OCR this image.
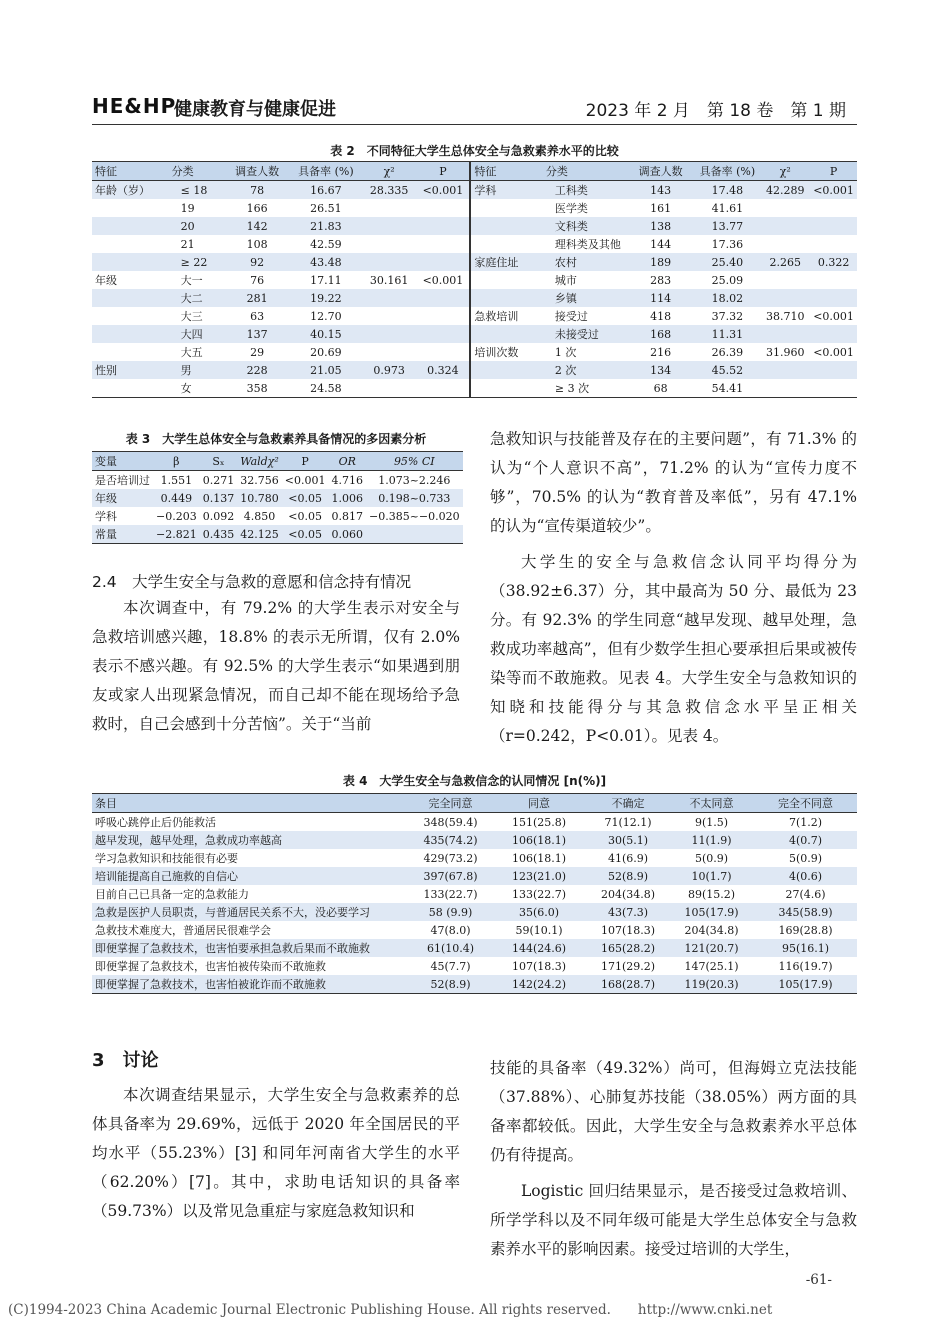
HE&HP
健康教育与健康促进	2023 年 2 月　第 18 卷　第 1 期
表 2　不同特征大学生总体安全与急救素养水平的比较
特征	分类	调查人数	具备率 (%)	χ²	P	特征	分类	调查人数	具备率 (%)	χ²	P
年龄（岁）	≤ 18	78	16.67	28.335	<0.001	学科	工科类	143	17.48	42.289	<0.001
	19	166	26.51				医学类	161	41.61		
	20	142	21.83				文科类	138	13.77		
	21	108	42.59				理科类及其他	144	17.36		
	≥ 22	92	43.48			家庭住址	农村	189	25.40	2.265	0.322
年级	大一	76	17.11	30.161	<0.001		城市	283	25.09		
	大二	281	19.22				乡镇	114	18.02		
	大三	63	12.70			急救培训	接受过	418	37.32	38.710	<0.001
	大四	137	40.15				未接受过	168	11.31		
	大五	29	20.69			培训次数	1 次	216	26.39	31.960	<0.001
性别	男	228	21.05	0.973	0.324		2 次	134	45.52		
	女	358	24.58				≥ 3 次	68	54.41		
表 3　大学生总体安全与急救素养具备情况的多因素分析
变量	β	Sₓ	Waldχ²	P	OR	95% CI
是否培训过	1.551	0.271	32.756	<0.001	4.716	1.073~2.246
年级	0.449	0.137	10.780	<0.05	1.006	0.198~0.733
学科	−0.203	0.092	4.850	<0.05	0.817	−0.385~−0.020
常量	−2.821	0.435	42.125	<0.05	0.060	
2.4　大学生安全与急救的意愿和信念持有情况

本次调查中，有 79.2% 的大学生表示对安全与急救培训感兴趣，18.8% 的表示无所谓，仅有 2.0% 表示不感兴趣。有 92.5% 的大学生表示“如果遇到朋友或家人出现紧急情况，而自己却不能在现场给予急救时，自己会感到十分苦恼”。关于“当前

急救知识与技能普及存在的主要问题”，有 71.3% 的认为“个人意识不高”，71.2% 的认为“宣传力度不够”，70.5% 的认为“教育普及率低”，另有 47.1% 的认为“宣传渠道较少”。

大学生的安全与急救信念认同平均得分为（38.92±6.37）分，其中最高为 50 分、最低为 23 分。有 92.3% 的学生同意“越早发现、越早处理，急救成功率越高”，但有少数学生担心要承担后果或被传染等而不敢施救。见表 4。大学生安全与急救知识的知晓和技能得分与其急救信念水平呈正相关（r=0.242，P<0.01）。见表 4。

表 4　大学生安全与急救信念的认同情况 [n(%)]
条目	完全同意	同意	不确定	不太同意	完全不同意
呼吸心跳停止后仍能救活	348(59.4)	151(25.8)	71(12.1)	9(1.5)	7(1.2)
越早发现，越早处理，急救成功率越高	435(74.2)	106(18.1)	30(5.1)	11(1.9)	4(0.7)
学习急救知识和技能很有必要	429(73.2)	106(18.1)	41(6.9)	5(0.9)	5(0.9)
培训能提高自己施救的自信心	397(67.8)	123(21.0)	52(8.9)	10(1.7)	4(0.6)
目前自己已具备一定的急救能力	133(22.7)	133(22.7)	204(34.8)	89(15.2)	27(4.6)
急救是医护人员职责，与普通居民关系不大，没必要学习	58 (9.9)	35(6.0)	43(7.3)	105(17.9)	345(58.9)
急救技术难度大，普通居民很难学会	47(8.0)	59(10.1)	107(18.3)	204(34.8)	169(28.8)
即便掌握了急救技术，也害怕要承担急救后果而不敢施救	61(10.4)	144(24.6)	165(28.2)	121(20.7)	95(16.1)
即便掌握了急救技术，也害怕被传染而不敢施救	45(7.7)	107(18.3)	171(29.2)	147(25.1)	116(19.7)
即便掌握了急救技术，也害怕被讹诈而不敢施救	52(8.9)	142(24.2)	168(28.7)	119(20.3)	105(17.9)
3　讨论

本次调查结果显示，大学生安全与急救素养的总体具备率为 29.69%，远低于 2020 年全国居民的平均水平（55.23%）[3] 和同年河南省大学生的水平（62.20%）[7]。其中，求助电话知识的具备率（59.73%）以及常见急重症与家庭急救知识和

技能的具备率（49.32%）尚可，但海姆立克法技能（37.88%）、心肺复苏技能（38.05%）两方面的具备率都较低。因此，大学生安全与急救素养水平总体仍有待提高。

Logistic 回归结果显示，是否接受过急救培训、所学学科以及不同年级可能是大学生总体安全与急救素养水平的影响因素。接受过培训的大学生，

-61-
(C)1994-2023 China Academic Journal Electronic Publishing House. All rights reserved.　　http://www.cnki.net
